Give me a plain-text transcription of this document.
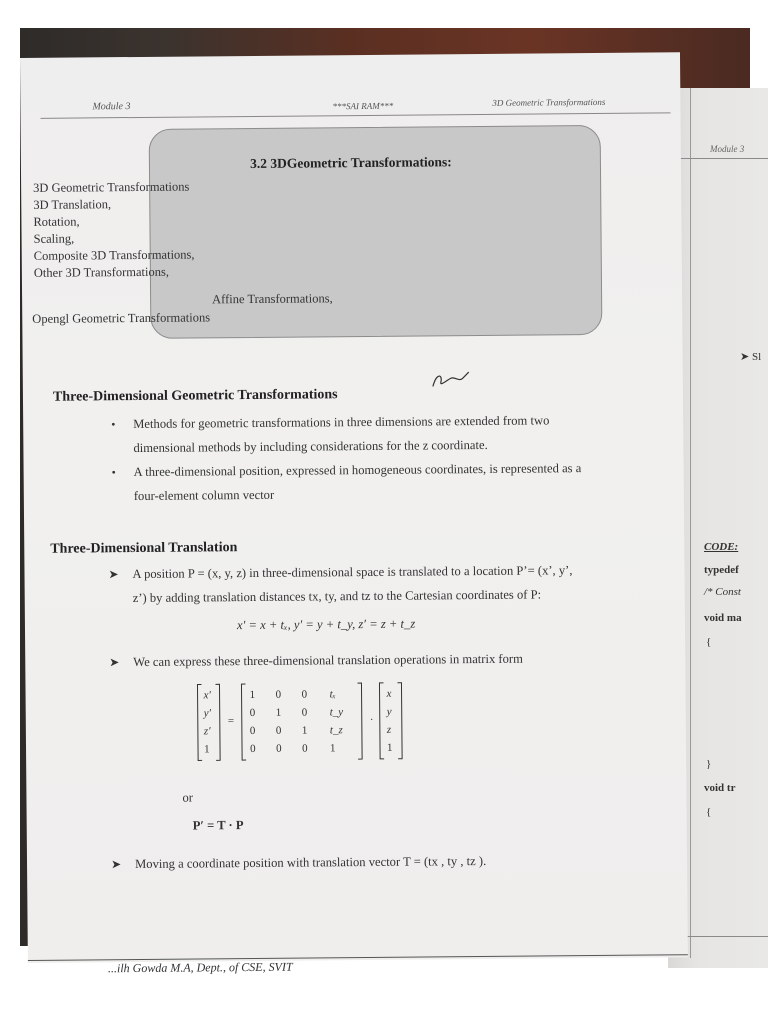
Module 3
➤ Sl
CODE:
typedef
/* Const
void ma
{
}
void tr
{
Module 3	***SAI RAM***	3D Geometric Transformations
3.2 3DGeometric Transformations:
3D Geometric Transformations
3D Translation,
Rotation,
Scaling,
Composite 3D Transformations,
Other 3D Transformations,
Affine Transformations,
Opengl Geometric Transformations
Three-Dimensional Geometric Transformations
• Methods for geometric transformations in three dimensions are extended from two
dimensional methods by including considerations for the z coordinate.
• A three-dimensional position, expressed in homogeneous coordinates, is represented as a
four-element column vector
Three-Dimensional Translation
➤ A position P = (x, y, z) in three-dimensional space is translated to a location P’= (x’, y’,
z’) by adding translation distances tx, ty, and tz to the Cartesian coordinates of P:
x′ = x + tₓ, y′ = y + t_y, z′ = z + t_z
➤ We can express these three-dimensional translation operations in matrix form
x′
y′
z′
1
=
1 0 0 tₓ
0 1 0 t_y
0 0 1 t_z
0 0 0 1
·
x
y
z
1
or
P′ = T · P
➤ Moving a coordinate position with translation vector T = (tx , ty , tz ).
...ilh Gowda M.A, Dept., of CSE, SVIT
